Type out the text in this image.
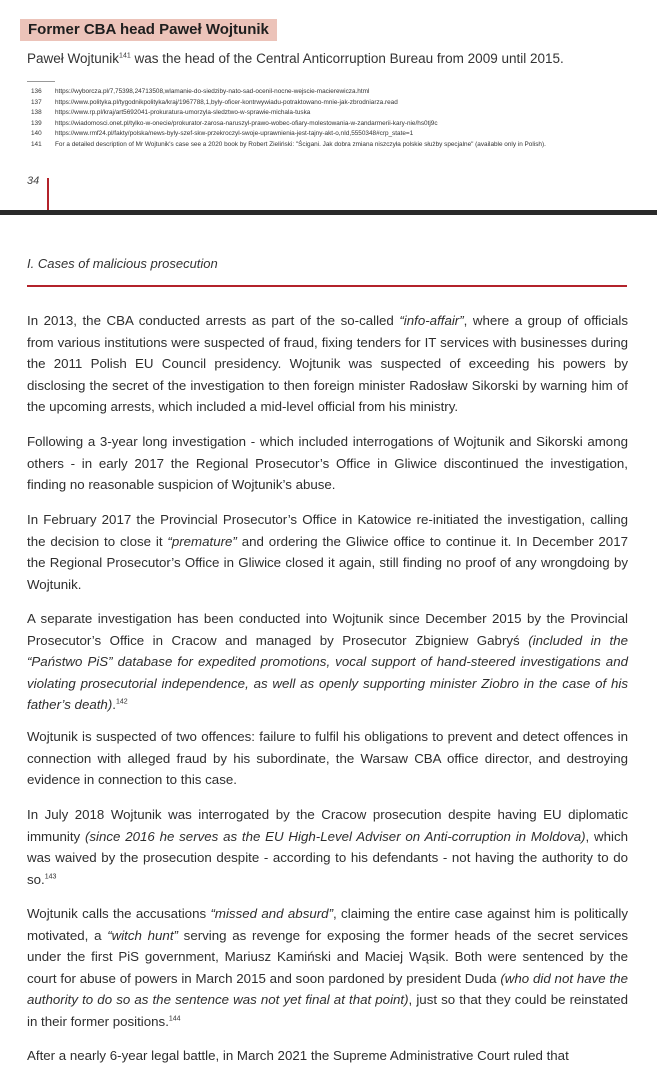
Former CBA head Paweł Wojtunik

Paweł Wojtunik$^{141}$ was the head of the Central Anticorruption Bureau from 2009 until 2015.

136	https://wyborcza.pl/7,75398,24713508,wlamanie-do-siedziby-nato-sad-ocenil-nocne-wejscie-macierewicza.html
137	https://www.polityka.pl/tygodnikpolityka/kraj/1967788,1,byly-oficer-kontrwywiadu-potraktowano-mnie-jak-zbrodniarza.read
138	https://www.rp.pl/kraj/art5692041-prokuratura-umorzyla-sledztwo-w-sprawie-michala-tuska
139	https://wiadomosci.onet.pl/tylko-w-onecie/prokurator-zarosa-naruszyl-prawo-wobec-ofiary-molestowania-w-zandarmerii-kary-nie/hs0tj9c
140	https://www.rmf24.pl/fakty/polska/news-byly-szef-skw-przekroczyl-swoje-uprawnienia-jest-tajny-akt-o,nId,5550348#crp_state=1
141	For a detailed description of Mr Wojtunik's case see a 2020 book by Robert Zieliński: "Ścigani. Jak dobra zmiana niszczyła polskie służby specjalne" (available only in Polish).
34
I. Cases of malicious prosecution

In 2013, the CBA conducted arrests as part of the so-called “info-affair”, where a group of officials from various institutions were suspected of fraud, fixing tenders for IT services with businesses during the 2011 Polish EU Council presidency. Wojtunik was suspected of exceeding his powers by disclosing the secret of the investigation to then foreign minister Radosław Sikorski by warning him of the upcoming arrests, which included a mid-level official from his ministry.

Following a 3-year long investigation - which included interrogations of Wojtunik and Sikorski among others - in early 2017 the Regional Prosecutor’s Office in Gliwice discontinued the investigation, finding no reasonable suspicion of Wojtunik’s abuse.

In February 2017 the Provincial Prosecutor’s Office in Katowice re-initiated the investigation, calling the decision to close it “premature” and ordering the Gliwice office to continue it. In December 2017 the Regional Prosecutor’s Office in Gliwice closed it again, still finding no proof of any wrongdoing by Wojtunik.

A separate investigation has been conducted into Wojtunik since December 2015 by the Provincial Prosecutor’s Office in Cracow and managed by Prosecutor Zbigniew Gabryś (included in the “Państwo PiS” database for expedited promotions, vocal support of hand-steered investigations and violating prosecutorial independence, as well as openly supporting minister Ziobro in the case of his father’s death).$^{142}$

Wojtunik is suspected of two offences: failure to fulfil his obligations to prevent and detect offences in connection with alleged fraud by his subordinate, the Warsaw CBA office director, and destroying evidence in connection to this case.

In July 2018 Wojtunik was interrogated by the Cracow prosecution despite having EU diplomatic immunity (since 2016 he serves as the EU High-Level Adviser on Anti-corruption in Moldova), which was waived by the prosecution despite - according to his defendants - not having the authority to do so.$^{143}$

Wojtunik calls the accusations “missed and absurd”, claiming the entire case against him is politically motivated, a “witch hunt” serving as revenge for exposing the former heads of the secret services under the first PiS government, Mariusz Kamiński and Maciej Wąsik. Both were sentenced by the court for abuse of powers in March 2015 and soon pardoned by president Duda (who did not have the authority to do so as the sentence was not yet final at that point), just so that they could be reinstated in their former positions.$^{144}$

After a nearly 6-year legal battle, in March 2021 the Supreme Administrative Court ruled that
